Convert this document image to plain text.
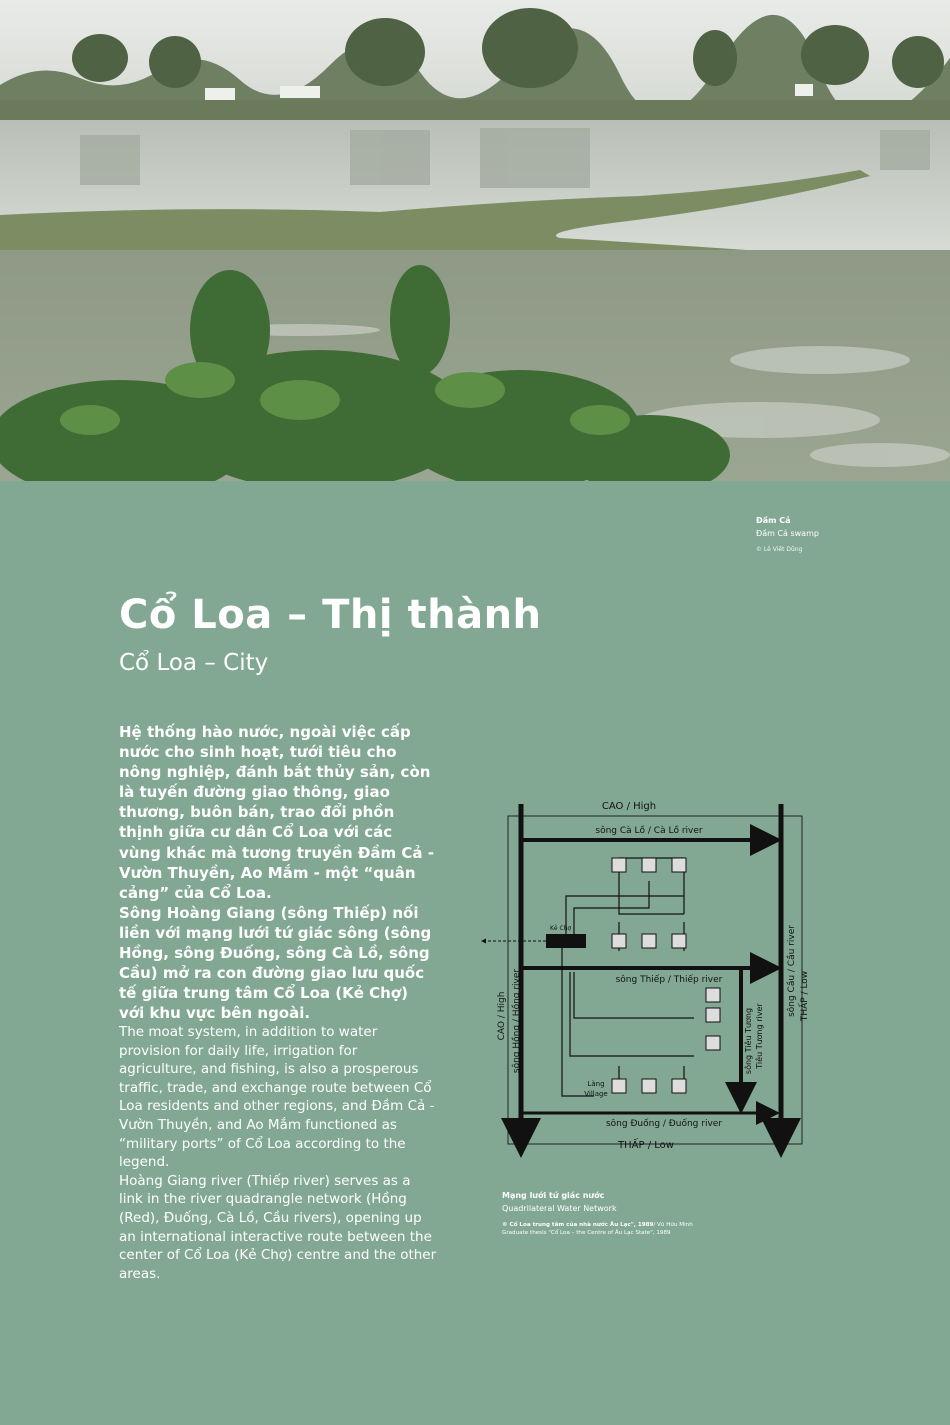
Đầm Cả
Đầm Cả swamp
© Lê Viết Dũng
Cổ Loa – Thị thành
Cổ Loa – City

Hệ thống hào nước, ngoài việc cấp nước cho sinh hoạt, tưới tiêu cho nông nghiệp, đánh bắt thủy sản, còn là tuyến đường giao thông, giao thương, buôn bán, trao đổi phồn thịnh giữa cư dân Cổ Loa với các vùng khác mà tương truyền Đầm Cả - Vườn Thuyền, Ao Mắm - một “quân cảng” của Cổ Loa.

Sông Hoàng Giang (sông Thiếp) nối liền với mạng lưới tứ giác sông (sông Hồng, sông Đuống, sông Cà Lồ, sông Cầu) mở ra con đường giao lưu quốc tế giữa trung tâm Cổ Loa (Kẻ Chợ) với khu vực bên ngoài.

The moat system, in addition to water provision for daily life, irrigation for agriculture, and fishing, is also a prosperous traffic, trade, and exchange route between Cổ Loa residents and other regions, and Đầm Cả - Vườn Thuyền, and Ao Mắm functioned as “military ports” of Cổ Loa according to the legend.

Hoàng Giang river (Thiếp river) serves as a link in the river quadrangle network (Hồng (Red), Đuống, Cà Lồ, Cầu rivers), opening up an international interactive route between the center of Cổ Loa (Kẻ Chợ) centre and the other areas.

CAO / High
THẤP / Low
sông Cà Lồ / Cà Lồ river
sông Thiếp / Thiếp river
sông Đuống / Đuống river
Kẻ Chợ
Làng
Village
sông Hồng / Hồng river
CAO / High	sông Cầu / Cầu river THẤP / Low
sông Tiêu Tương Tiêu Tương river
Mạng lưới tứ giác nước
Quadrilateral Water Network
© Cổ Loa trung tâm của nhà nước Âu Lạc", 1989/ Vũ Hữu Minh
Graduate thesis "Cổ Loa – the Centre of Âu Lạc State", 1989
